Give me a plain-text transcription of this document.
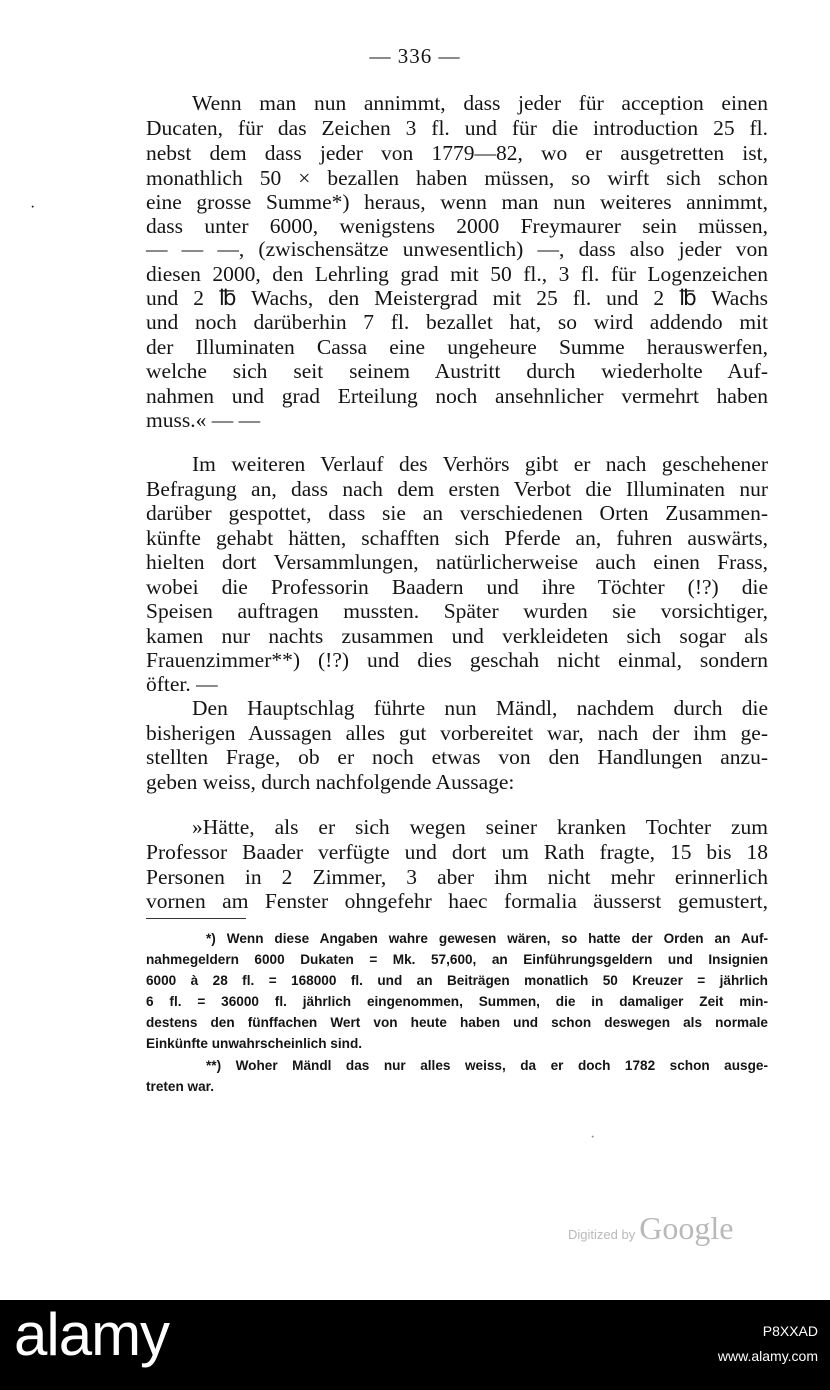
— 336 —
Wenn man nun annimmt, dass jeder für acception einen
Ducaten, für das Zeichen 3 fl. und für die introduction 25 fl.
nebst dem dass jeder von 1779—82, wo er ausgetretten ist,
monathlich 50 × bezallen haben müssen, so wirft sich schon
eine grosse Summe*) heraus, wenn man nun weiteres annimmt,
dass unter 6000, wenigstens 2000 Freymaurer sein müssen,
— — —, (zwischensätze unwesentlich) —, dass also jeder von
diesen 2000, den Lehrling grad mit 50 fl., 3 fl. für Logenzeichen
und 2 ℔ Wachs, den Meistergrad mit 25 fl. und 2 ℔ Wachs
und noch darüberhin 7 fl. bezallet hat, so wird addendo mit
der Illuminaten Cassa eine ungeheure Summe herauswerfen,
welche sich seit seinem Austritt durch wiederholte Auf-
nahmen und grad Erteilung noch ansehnlicher vermehrt haben
muss.« — —
Im weiteren Verlauf des Verhörs gibt er nach geschehener
Befragung an, dass nach dem ersten Verbot die Illuminaten nur
darüber gespottet, dass sie an verschiedenen Orten Zusammen-
künfte gehabt hätten, schafften sich Pferde an, fuhren auswärts,
hielten dort Versammlungen, natürlicherweise auch einen Frass,
wobei die Professorin Baadern und ihre Töchter (!?) die
Speisen auftragen mussten. Später wurden sie vorsichtiger,
kamen nur nachts zusammen und verkleideten sich sogar als
Frauenzimmer**) (!?) und dies geschah nicht einmal, sondern
öfter. —
Den Hauptschlag führte nun Mändl, nachdem durch die
bisherigen Aussagen alles gut vorbereitet war, nach der ihm ge-
stellten Frage, ob er noch etwas von den Handlungen anzu-
geben weiss, durch nachfolgende Aussage:
»Hätte, als er sich wegen seiner kranken Tochter zum
Professor Baader verfügte und dort um Rath fragte, 15 bis 18
Personen in 2 Zimmer, 3 aber ihm nicht mehr erinnerlich
vornen am Fenster ohngefehr haec formalia äusserst gemustert,
*) Wenn diese Angaben wahre gewesen wären, so hatte der Orden an Auf-
nahmegeldern 6000 Dukaten = Mk. 57,600, an Einführungsgeldern und Insignien
6000 à 28 fl. = 168000 fl. und an Beiträgen monatlich 50 Kreuzer = jährlich
6 fl. = 36000 fl. jährlich eingenommen, Summen, die in damaliger Zeit min-
destens den fünffachen Wert von heute haben und schon deswegen als normale
Einkünfte unwahrscheinlich sind.
**) Woher Mändl das nur alles weiss, da er doch 1782 schon ausge-
treten war.
·
·
Digitized by Google
alamy	P8XXAD
www.alamy.com
